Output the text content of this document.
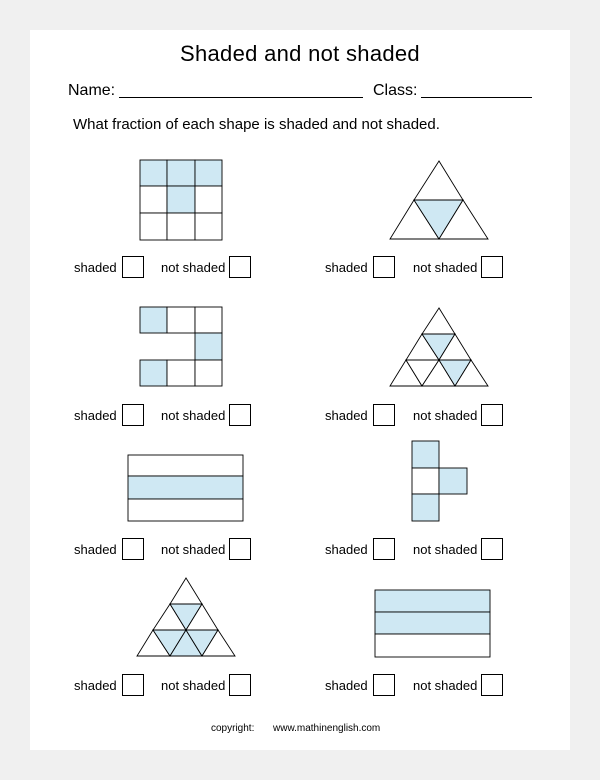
Shaded and not shaded
Name:	Class:
What fraction of each shape is shaded and not shaded.
shaded	not shaded	shaded	not shaded
shaded	not shaded	shaded	not shaded
shaded	not shaded	shaded	not shaded
shaded	not shaded	shaded	not shaded
copyright: www.mathinenglish.com
